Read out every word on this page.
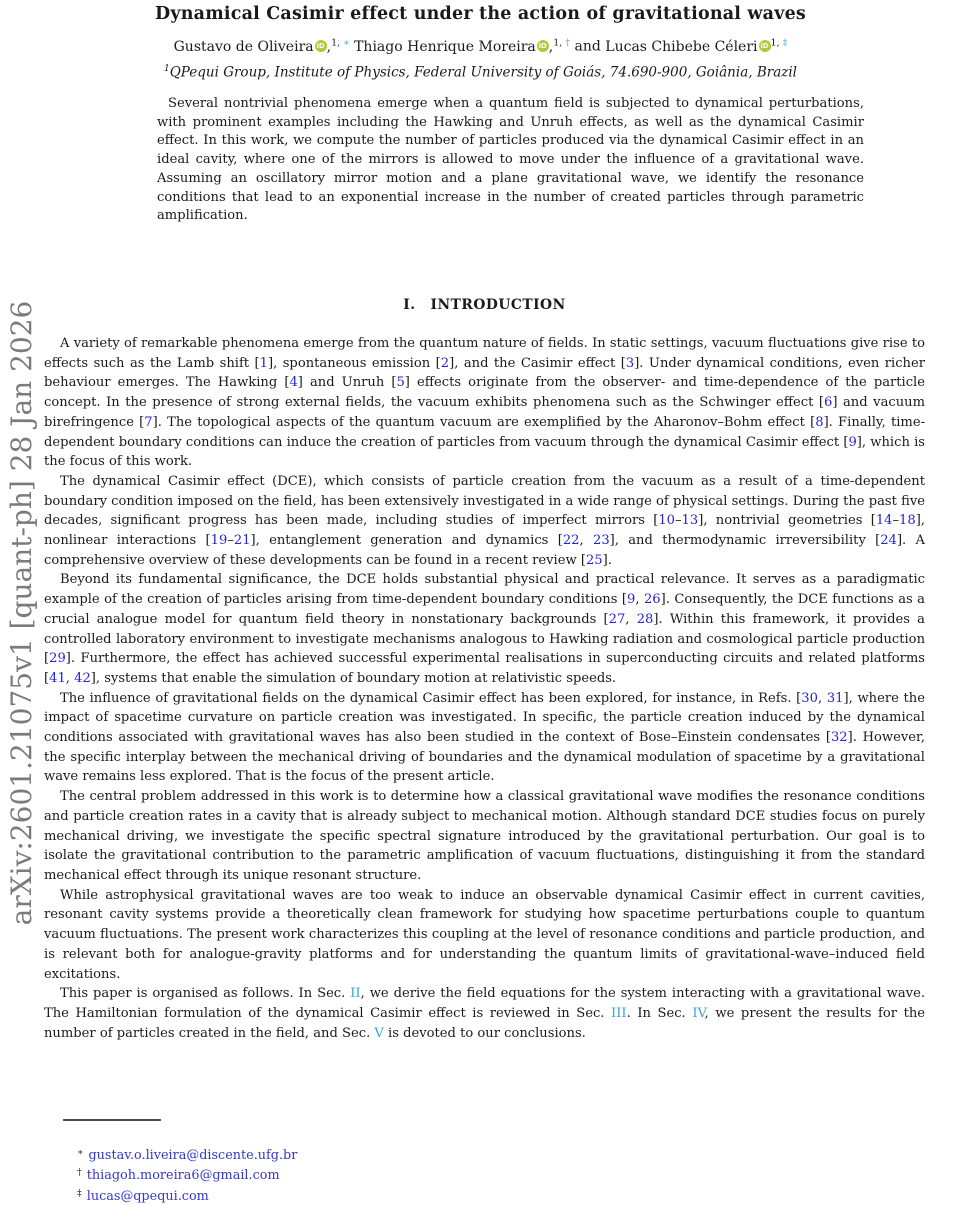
arXiv:2601.21075v1 [quant-ph] 28 Jan 2026
Dynamical Casimir effect under the action of gravitational waves
Gustavo de Oliveira iD ,$^{1, ∗}$ Thiago Henrique Moreira iD ,$^{1, \dagger}$ and Lucas Chibebe Céleri iD $^{1, \ddagger}$
$^1$QPequi Group, Institute of Physics, Federal University of Goiás, 74.690-900, Goiânia, Brazil

Several nontrivial phenomena emerge when a quantum field is subjected to dynamical perturbations, with prominent examples including the Hawking and Unruh effects, as well as the dynamical Casimir effect. In this work, we compute the number of particles produced via the dynamical Casimir effect in an ideal cavity, where one of the mirrors is allowed to move under the influence of a gravitational wave. Assuming an oscillatory mirror motion and a plane gravitational wave, we identify the resonance conditions that lead to an exponential increase in the number of created particles through parametric amplification.

I. INTRODUCTION

A variety of remarkable phenomena emerge from the quantum nature of fields. In static settings, vacuum fluctuations give rise to effects such as the Lamb shift [1], spontaneous emission [2], and the Casimir effect [3]. Under dynamical conditions, even richer behaviour emerges. The Hawking [4] and Unruh [5] effects originate from the observer- and time-dependence of the particle concept. In the presence of strong external fields, the vacuum exhibits phenomena such as the Schwinger effect [6] and vacuum birefringence [7]. The topological aspects of the quantum vacuum are exemplified by the Aharonov–Bohm effect [8]. Finally, time-dependent boundary conditions can induce the creation of particles from vacuum through the dynamical Casimir effect [9], which is the focus of this work.

The dynamical Casimir effect (DCE), which consists of particle creation from the vacuum as a result of a time-dependent boundary condition imposed on the field, has been extensively investigated in a wide range of physical settings. During the past five decades, significant progress has been made, including studies of imperfect mirrors [10–13], nontrivial geometries [14–18], nonlinear interactions [19–21], entanglement generation and dynamics [22, 23], and thermodynamic irreversibility [24]. A comprehensive overview of these developments can be found in a recent review [25].

Beyond its fundamental significance, the DCE holds substantial physical and practical relevance. It serves as a paradigmatic example of the creation of particles arising from time-dependent boundary conditions [9, 26]. Consequently, the DCE functions as a crucial analogue model for quantum field theory in nonstationary backgrounds [27, 28]. Within this framework, it provides a controlled laboratory environment to investigate mechanisms analogous to Hawking radiation and cosmological particle production [29]. Furthermore, the effect has achieved successful experimental realisations in superconducting circuits and related platforms [41, 42], systems that enable the simulation of boundary motion at relativistic speeds.

The influence of gravitational fields on the dynamical Casimir effect has been explored, for instance, in Refs. [30, 31], where the impact of spacetime curvature on particle creation was investigated. In specific, the particle creation induced by the dynamical conditions associated with gravitational waves has also been studied in the context of Bose–Einstein condensates [32]. However, the specific interplay between the mechanical driving of boundaries and the dynamical modulation of spacetime by a gravitational wave remains less explored. That is the focus of the present article.

The central problem addressed in this work is to determine how a classical gravitational wave modifies the resonance conditions and particle creation rates in a cavity that is already subject to mechanical motion. Although standard DCE studies focus on purely mechanical driving, we investigate the specific spectral signature introduced by the gravitational perturbation. Our goal is to isolate the gravitational contribution to the parametric amplification of vacuum fluctuations, distinguishing it from the standard mechanical effect through its unique resonant structure.

While astrophysical gravitational waves are too weak to induce an observable dynamical Casimir effect in current cavities, resonant cavity systems provide a theoretically clean framework for studying how spacetime perturbations couple to quantum vacuum fluctuations. The present work characterizes this coupling at the level of resonance conditions and particle production, and is relevant both for analogue-gravity platforms and for understanding the quantum limits of gravitational-wave–induced field excitations.

This paper is organised as follows. In Sec. II, we derive the field equations for the system interacting with a gravitational wave. The Hamiltonian formulation of the dynamical Casimir effect is reviewed in Sec. III. In Sec. IV, we present the results for the number of particles created in the field, and Sec. V is devoted to our conclusions.

∗ gustav.o.liveira@discente.ufg.br
† thiagoh.moreira6@gmail.com
‡ lucas@qpequi.com
